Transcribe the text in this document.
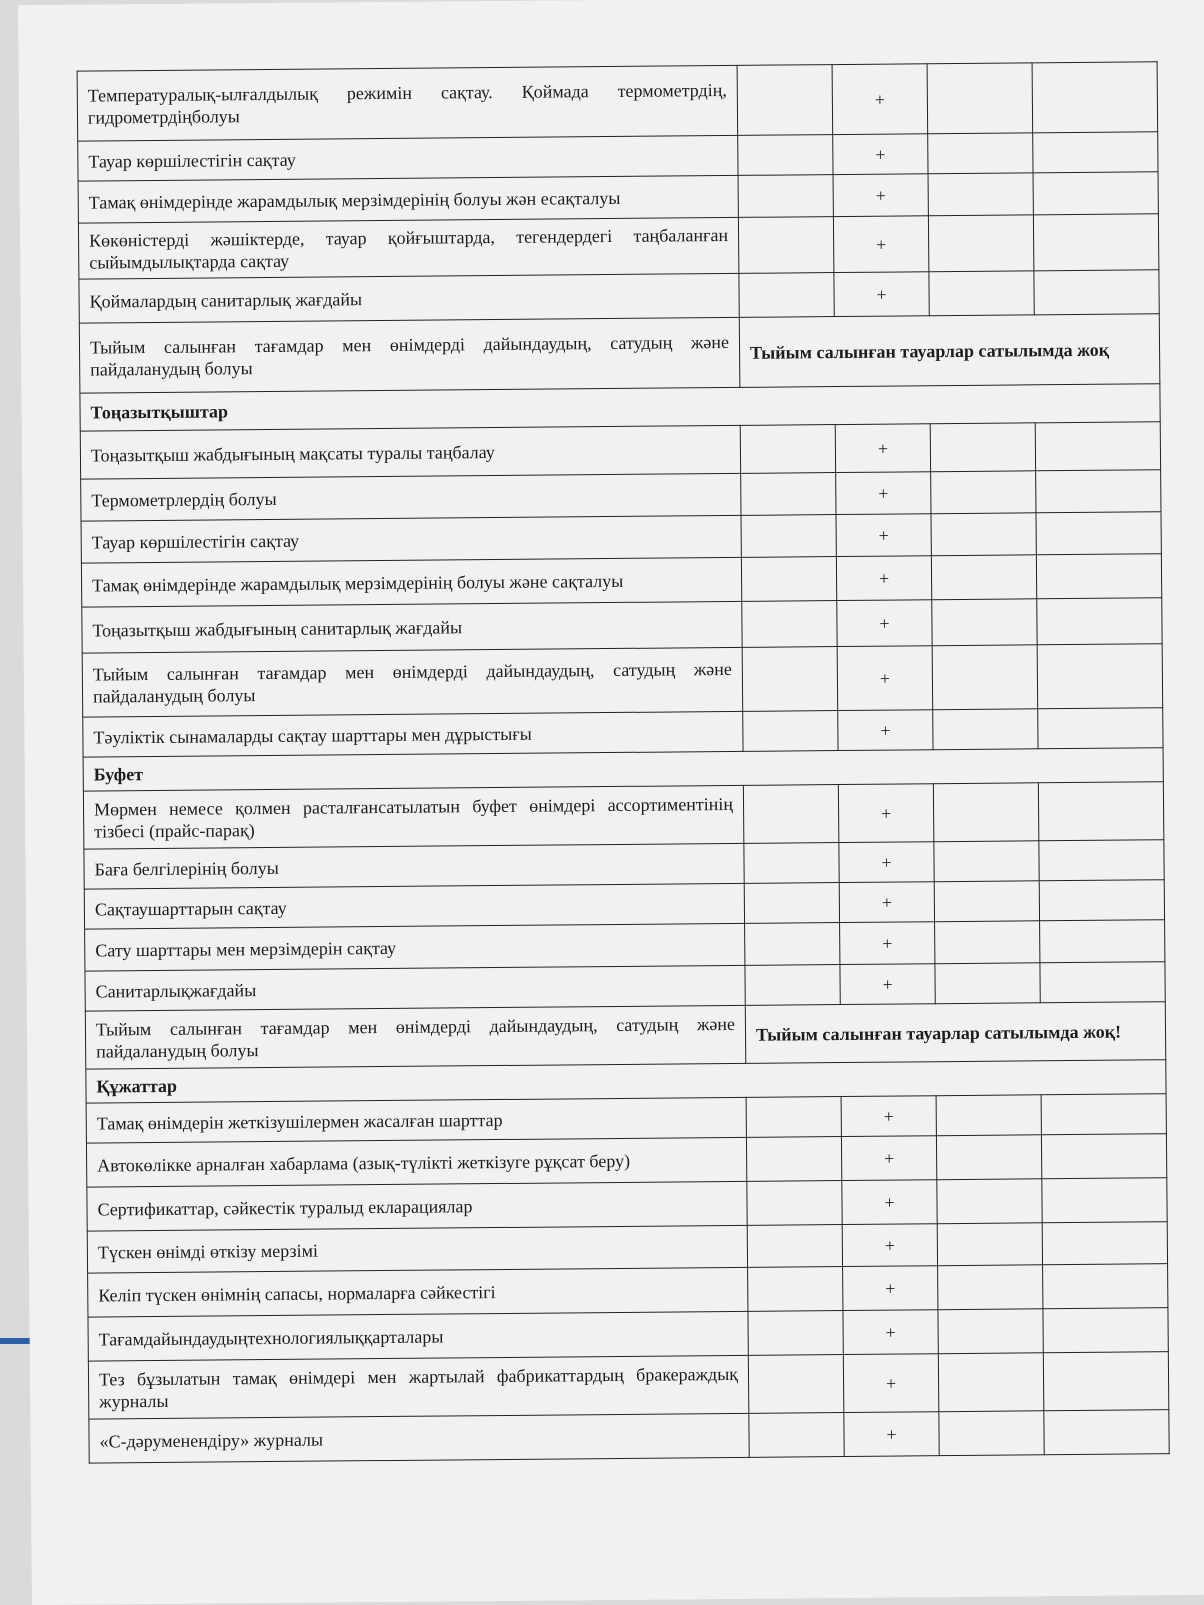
Температуралық-ылғалдылық режимін сақтау. Қоймада термометрдің, гидрометрдіңболуы		+		
Тауар көршілестігін сақтау		+		
Тамақ өнімдерінде жарамдылық мерзімдерінің болуы жән есақталуы		+		
Көкөністерді жәшіктерде, тауар қойғыштарда, тегендердегі таңбаланған сыйымдылықтарда сақтау		+		
Қоймалардың санитарлық жағдайы		+		
Тыйым салынған тағамдар мен өнімдерді дайындаудың, сатудың және пайдаланудың болуы	Тыйым салынған тауарлар сатылымда жоқ			
Тоңазытқыштар				
Тоңазытқыш жабдығының мақсаты туралы таңбалау		+		
Термометрлердің болуы		+		
Тауар көршілестігін сақтау		+		
Тамақ өнімдерінде жарамдылық мерзімдерінің болуы және сақталуы		+		
Тоңазытқыш жабдығының санитарлық жағдайы		+		
Тыйым салынған тағамдар мен өнімдерді дайындаудың, сатудың және пайдаланудың болуы		+		
Тәуліктік сынамаларды сақтау шарттары мен дұрыстығы		+		
Буфет				
Мөрмен немесе қолмен расталғансатылатын буфет өнімдері ассортиментінің тізбесі (прайс-парақ)		+		
Баға белгілерінің болуы		+		
Сақтаушарттарын сақтау		+		
Сату шарттары мен мерзімдерін сақтау		+		
Санитарлықжағдайы		+		
Тыйым салынған тағамдар мен өнімдерді дайындаудың, сатудың және пайдаланудың болуы	Тыйым салынған тауарлар сатылымда жоқ!			
Құжаттар				
Тамақ өнімдерін жеткізушілермен жасалған шарттар		+		
Автокөлікке арналған хабарлама (азық-түлікті жеткізуге рұқсат беру)		+		
Сертификаттар, сәйкестік туралыд екларациялар		+		
Түскен өнімді өткізу мерзімі		+		
Келіп түскен өнімнің сапасы, нормаларға сәйкестігі		+		
Тағамдайындаудыңтехнологиялыққарталары		+		
Тез бұзылатын тамақ өнімдері мен жартылай фабрикаттардың бракераждық журналы		+		
«С-дәруменендіру» журналы		+		
